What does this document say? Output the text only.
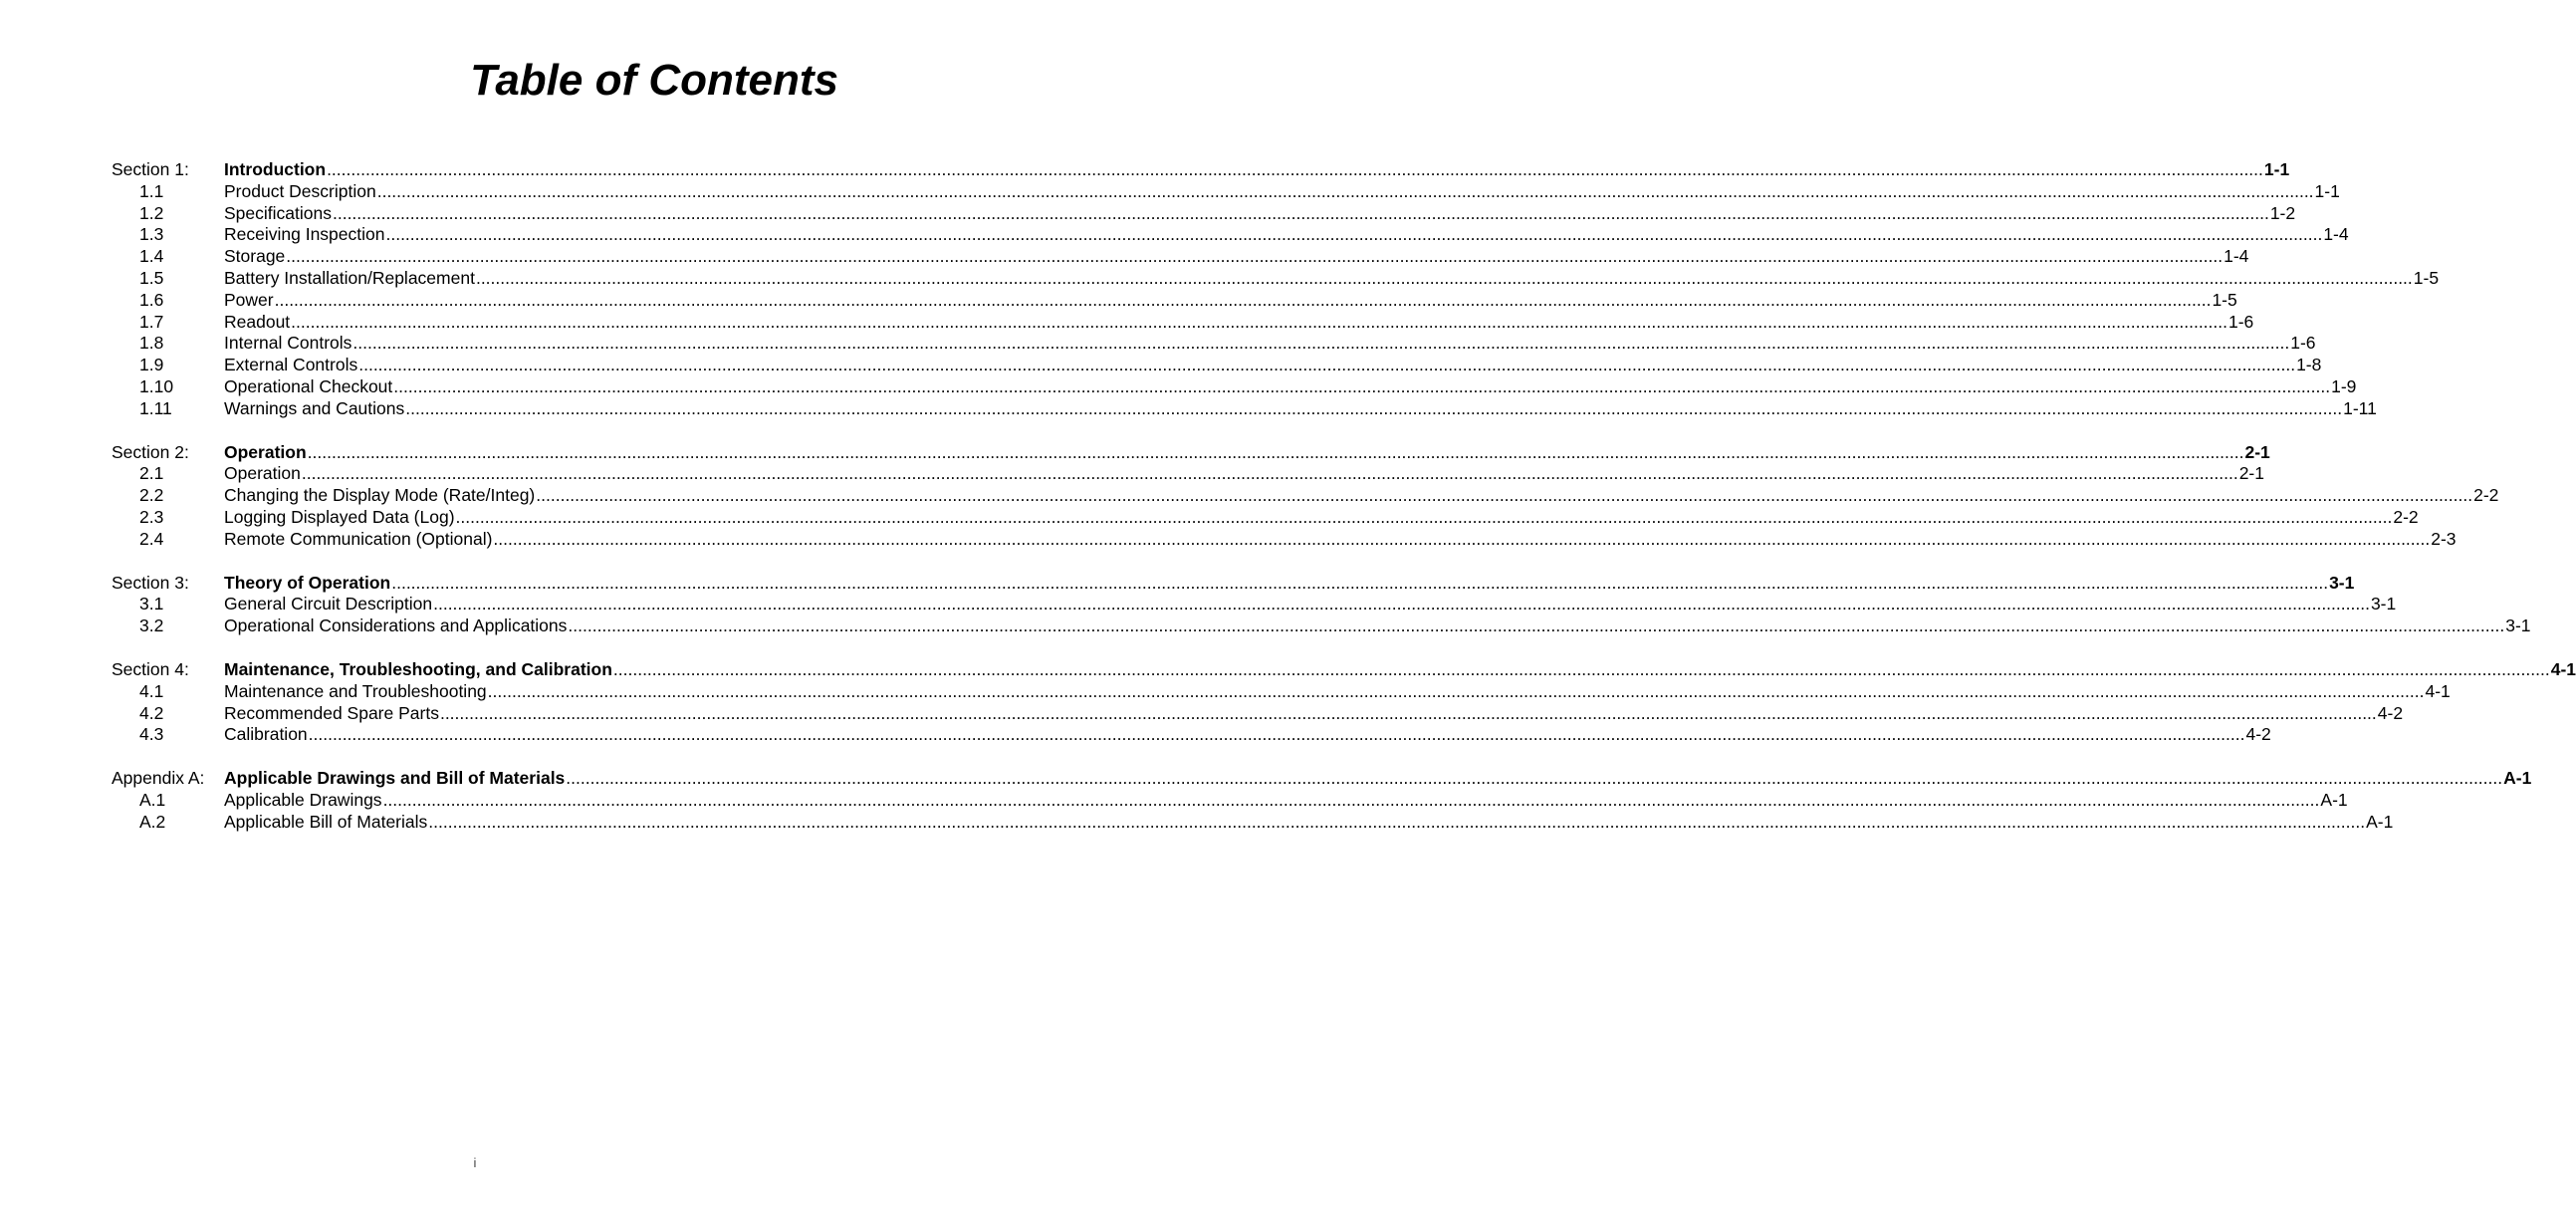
Table of Contents
Section 1:	Introduction ................................................................................................................................................................................................................................................................................................................................................................................................................ 1-1
1.1	Product Description ................................................................................................................................................................................................................................................................................................................................................................................................................ 1-1
1.2	Specifications ................................................................................................................................................................................................................................................................................................................................................................................................................ 1-2
1.3	Receiving Inspection ................................................................................................................................................................................................................................................................................................................................................................................................................ 1-4
1.4	Storage ................................................................................................................................................................................................................................................................................................................................................................................................................ 1-4
1.5	Battery Installation/Replacement ................................................................................................................................................................................................................................................................................................................................................................................................................ 1-5
1.6	Power ................................................................................................................................................................................................................................................................................................................................................................................................................ 1-5
1.7	Readout ................................................................................................................................................................................................................................................................................................................................................................................................................ 1-6
1.8	Internal Controls ................................................................................................................................................................................................................................................................................................................................................................................................................ 1-6
1.9	External Controls ................................................................................................................................................................................................................................................................................................................................................................................................................ 1-8
1.10	Operational Checkout ................................................................................................................................................................................................................................................................................................................................................................................................................ 1-9
1.11	Warnings and Cautions ................................................................................................................................................................................................................................................................................................................................................................................................................ 1-11
Section 2:	Operation ................................................................................................................................................................................................................................................................................................................................................................................................................ 2-1
2.1	Operation ................................................................................................................................................................................................................................................................................................................................................................................................................ 2-1
2.2	Changing the Display Mode (Rate/Integ) ................................................................................................................................................................................................................................................................................................................................................................................................................ 2-2
2.3	Logging Displayed Data (Log) ................................................................................................................................................................................................................................................................................................................................................................................................................ 2-2
2.4	Remote Communication (Optional) ................................................................................................................................................................................................................................................................................................................................................................................................................ 2-3
Section 3:	Theory of Operation ................................................................................................................................................................................................................................................................................................................................................................................................................ 3-1
3.1	General Circuit Description ................................................................................................................................................................................................................................................................................................................................................................................................................ 3-1
3.2	Operational Considerations and Applications ................................................................................................................................................................................................................................................................................................................................................................................................................ 3-1
Section 4:	Maintenance, Troubleshooting, and Calibration ................................................................................................................................................................................................................................................................................................................................................................................................................ 4-1
4.1	Maintenance and Troubleshooting ................................................................................................................................................................................................................................................................................................................................................................................................................ 4-1
4.2	Recommended Spare Parts ................................................................................................................................................................................................................................................................................................................................................................................................................ 4-2
4.3	Calibration ................................................................................................................................................................................................................................................................................................................................................................................................................ 4-2
Appendix A:	Applicable Drawings and Bill of Materials ................................................................................................................................................................................................................................................................................................................................................................................................................ A-1
A.1	Applicable Drawings ................................................................................................................................................................................................................................................................................................................................................................................................................ A-1
A.2	Applicable Bill of Materials ................................................................................................................................................................................................................................................................................................................................................................................................................ A-1
i
